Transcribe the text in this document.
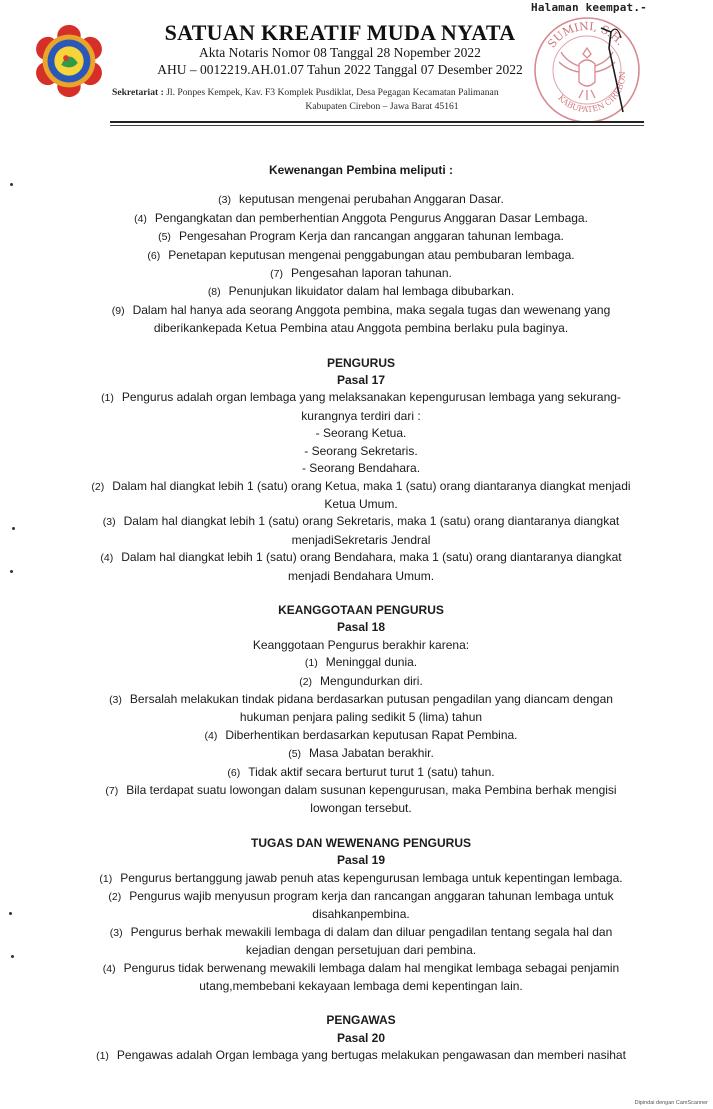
Halaman keempat.-
SATUAN KREATIF MUDA NYATA
Akta Notaris Nomor 08 Tanggal 28 Nopember 2022
AHU – 0012219.AH.01.07 Tahun 2022 Tanggal 07 Desember 2022
Sekretariat : Jl. Ponpes Kempek, Kav. F3 Komplek Pusdiklat, Desa Pegagan Kecamatan Palimanan
Kabupaten Cirebon – Jawa Barat 45161
SUMINI, S.H.
KABUPATEN CIREBON
Kewenangan Pembina meliputi :
(3) keputusan mengenai perubahan Anggaran Dasar.
(4) Pengangkatan dan pemberhentian Anggota Pengurus Anggaran Dasar Lembaga.
(5) Pengesahan Program Kerja dan rancangan anggaran tahunan lembaga.
(6) Penetapan keputusan mengenai penggabungan atau pembubaran lembaga.
(7) Pengesahan laporan tahunan.
(8) Penunjukan likuidator dalam hal lembaga dibubarkan.
(9) Dalam hal hanya ada seorang Anggota pembina, maka segala tugas dan wewenang yang
diberikankepada Ketua Pembina atau Anggota pembina berlaku pula baginya.
PENGURUS
Pasal 17
(1) Pengurus adalah organ lembaga yang melaksanakan kepengurusan lembaga yang sekurang-
kurangnya terdiri dari :
- Seorang Ketua.
- Seorang Sekretaris.
- Seorang Bendahara.
(2) Dalam hal diangkat lebih 1 (satu) orang Ketua, maka 1 (satu) orang diantaranya diangkat menjadi
Ketua Umum.
(3) Dalam hal diangkat lebih 1 (satu) orang Sekretaris, maka 1 (satu) orang diantaranya diangkat
menjadiSekretaris Jendral
(4) Dalam hal diangkat lebih 1 (satu) orang Bendahara, maka 1 (satu) orang diantaranya diangkat
menjadi Bendahara Umum.
KEANGGOTAAN PENGURUS
Pasal 18
Keanggotaan Pengurus berakhir karena:
(1) Meninggal dunia.
(2) Mengundurkan diri.
(3) Bersalah melakukan tindak pidana berdasarkan putusan pengadilan yang diancam dengan
hukuman penjara paling sedikit 5 (lima) tahun
(4) Diberhentikan berdasarkan keputusan Rapat Pembina.
(5) Masa Jabatan berakhir.
(6) Tidak aktif secara berturut turut 1 (satu) tahun.
(7) Bila terdapat suatu lowongan dalam susunan kepengurusan, maka Pembina berhak mengisi
lowongan tersebut.
TUGAS DAN WEWENANG PENGURUS
Pasal 19
(1) Pengurus bertanggung jawab penuh atas kepengurusan lembaga untuk kepentingan lembaga.
(2) Pengurus wajib menyusun program kerja dan rancangan anggaran tahunan lembaga untuk
disahkanpembina.
(3) Pengurus berhak mewakili lembaga di dalam dan diluar pengadilan tentang segala hal dan
kejadian dengan persetujuan dari pembina.
(4) Pengurus tidak berwenang mewakili lembaga dalam hal mengikat lembaga sebagai penjamin
utang,membebani kekayaan lembaga demi kepentingan lain.
PENGAWAS
Pasal 20
(1) Pengawas adalah Organ lembaga yang bertugas melakukan pengawasan dan memberi nasihat
Dipindai dengan CamScanner
